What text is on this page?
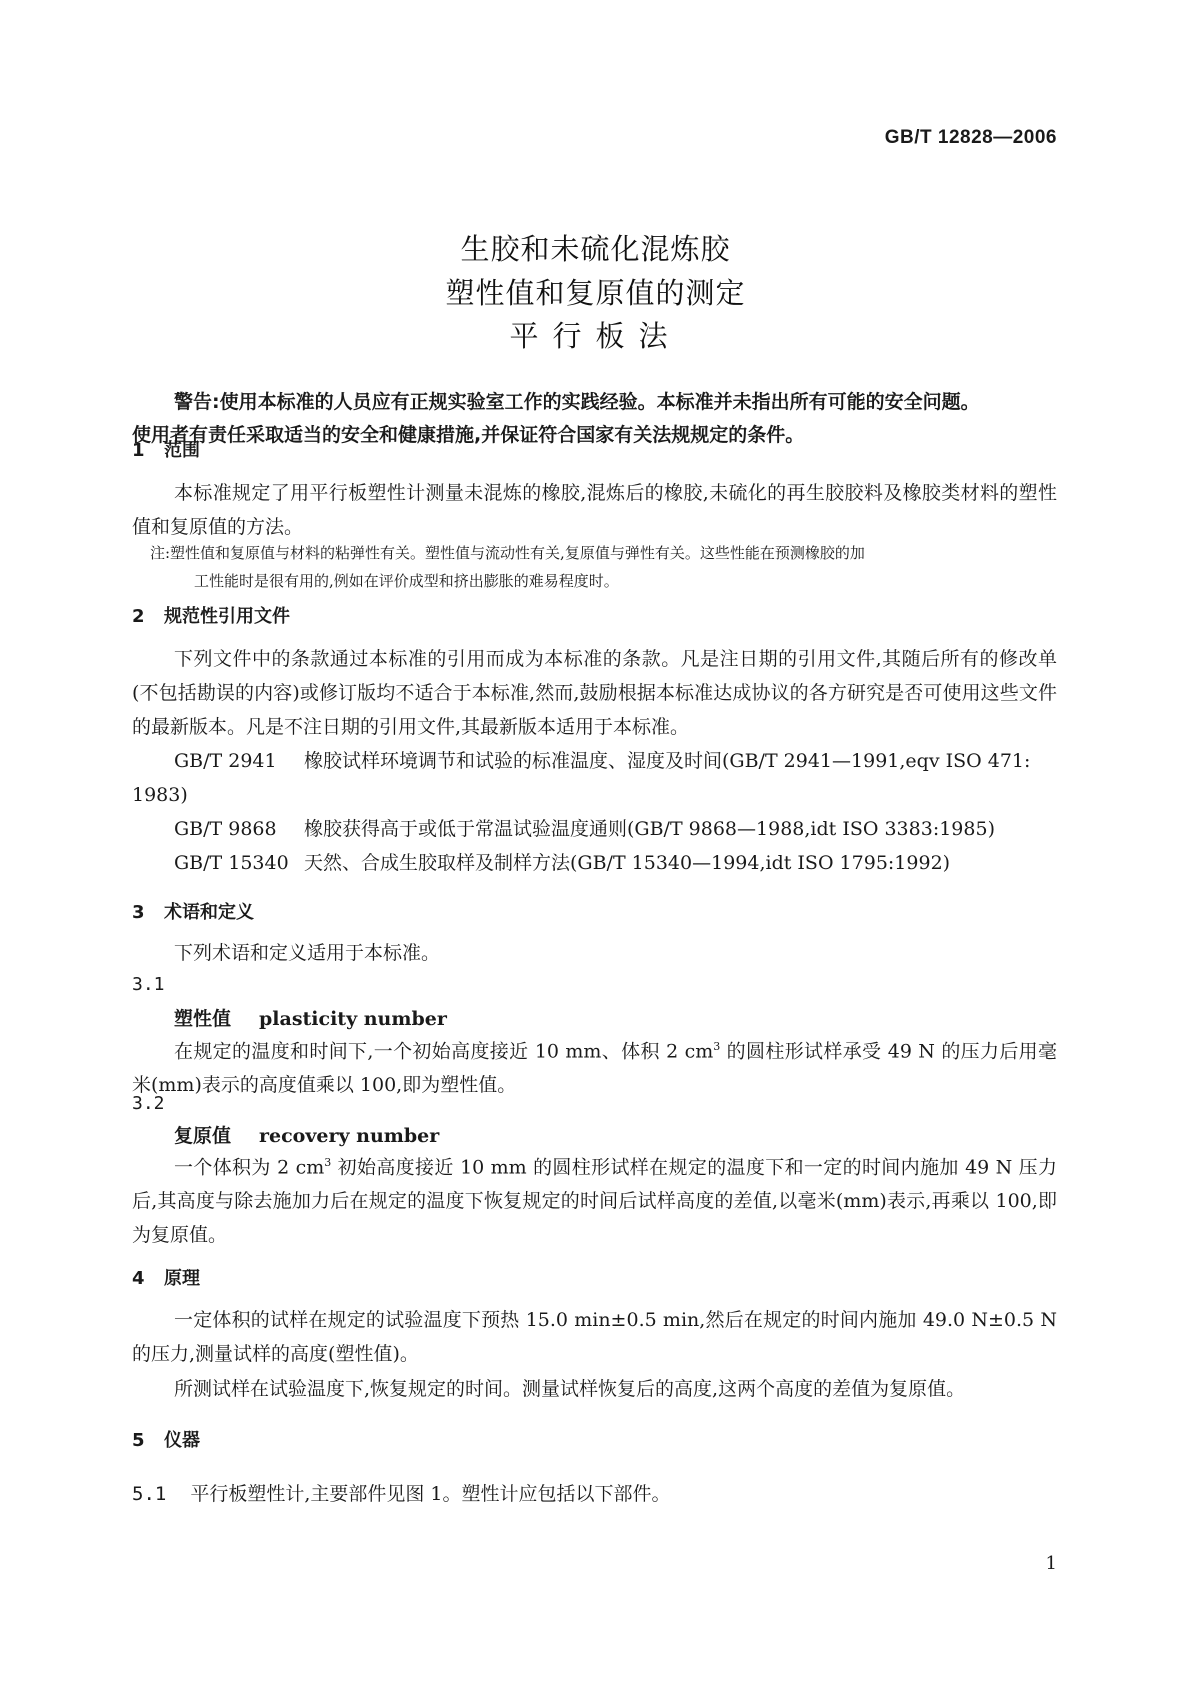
GB/T 12828—2006
生胶和未硫化混炼胶
塑性值和复原值的测定
平行板法
警告:使用本标准的人员应有正规实验室工作的实践经验。本标准并未指出所有可能的安全问题。
使用者有责任采取适当的安全和健康措施,并保证符合国家有关法规规定的条件。
1 范围
本标准规定了用平行板塑性计测量未混炼的橡胶,混炼后的橡胶,未硫化的再生胶胶料及橡胶类材料的塑性值和复原值的方法。
注:塑性值和复原值与材料的粘弹性有关。塑性值与流动性有关,复原值与弹性有关。这些性能在预测橡胶的加
工性能时是很有用的,例如在评价成型和挤出膨胀的难易程度时。
2 规范性引用文件
下列文件中的条款通过本标准的引用而成为本标准的条款。凡是注日期的引用文件,其随后所有的修改单(不包括勘误的内容)或修订版均不适合于本标准,然而,鼓励根据本标准达成协议的各方研究是否可使用这些文件的最新版本。凡是不注日期的引用文件,其最新版本适用于本标准。
GB/T 2941 橡胶试样环境调节和试验的标准温度、湿度及时间(GB/T 2941—1991,eqv ISO 471:
1983)
GB/T 9868 橡胶获得高于或低于常温试验温度通则(GB/T 9868—1988,idt ISO 3383:1985)
GB/T 15340 天然、合成生胶取样及制样方法(GB/T 15340—1994,idt ISO 1795:1992)
3 术语和定义
下列术语和定义适用于本标准。
3.1
塑性值 plasticity number
在规定的温度和时间下,一个初始高度接近 10 mm、体积 2 $cm^3$ 的圆柱形试样承受 49 N 的压力后用毫米(mm)表示的高度值乘以 100,即为塑性值。
3.2
复原值 recovery number
一个体积为 2 $cm^3$ 初始高度接近 10 mm 的圆柱形试样在规定的温度下和一定的时间内施加 49 N 压力后,其高度与除去施加力后在规定的温度下恢复规定的时间后试样高度的差值,以毫米(mm)表示,再乘以 100,即为复原值。
4 原理
一定体积的试样在规定的试验温度下预热 15.0 min±0.5 min,然后在规定的时间内施加 49.0 N±0.5 N 的压力,测量试样的高度(塑性值)。
所测试样在试验温度下,恢复规定的时间。测量试样恢复后的高度,这两个高度的差值为复原值。
5 仪器
5.1 平行板塑性计,主要部件见图 1。塑性计应包括以下部件。
1
